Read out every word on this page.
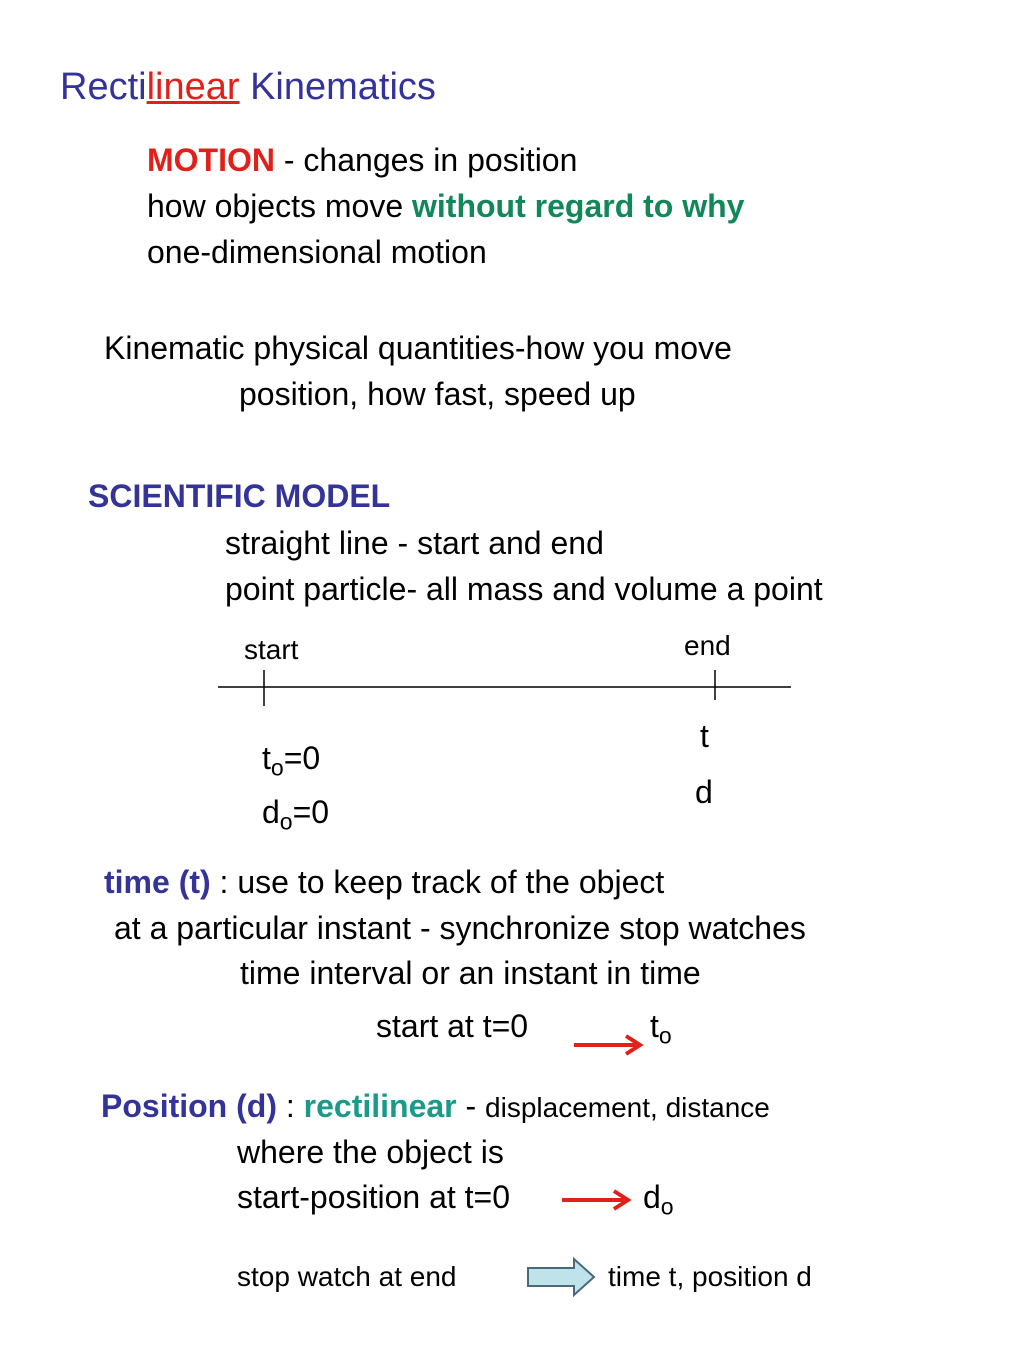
Rectilinear Kinematics
MOTION - changes in position
how objects move without regard to why
one-dimensional motion
Kinematic physical quantities-how you move
position, how fast, speed up
SCIENTIFIC MODEL
straight line - start and end
point particle- all mass and volume a point
start	end
$t_o=0$
$d_o=0$
t
d
time (t) : use to keep track of the object
at a particular instant - synchronize stop watches
time interval or an instant in time
start at t=0	$t_o$
Position (d) : rectilinear - displacement, distance
where the object is
start-position at t=0	$d_o$
stop watch at end	time t, position d
